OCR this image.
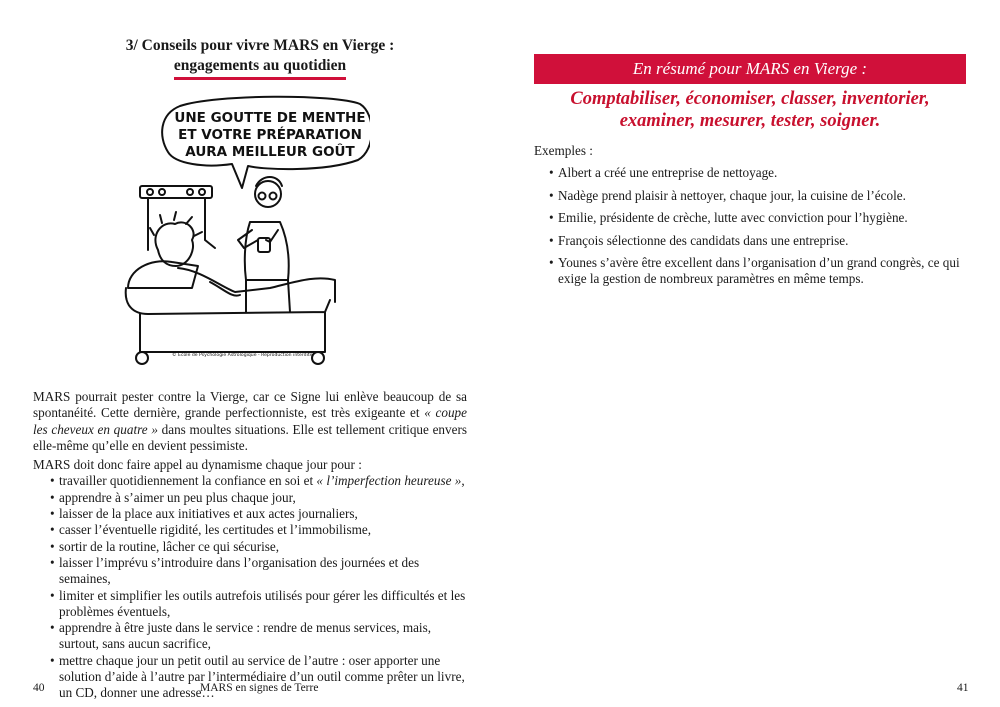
3/ Conseils pour vivre MARS en Vierge :
engagements au quotidien
UNE GOUTTE DE MENTHE
ET VOTRE PRÉPARATION
AURA MEILLEUR GOÛT
© École de Psychologie Astrologique - Reproduction interdite

MARS pourrait pester contre la Vierge, car ce Signe lui enlève beaucoup de sa spontanéité. Cette dernière, grande perfectionniste, est très exigeante et « coupe les cheveux en quatre » dans moultes situations. Elle est tellement critique envers elle-même qu’elle en devient pessimiste.

MARS doit donc faire appel au dynamisme chaque jour pour :

• travailler quotidiennement la confiance en soi et « l’imperfection heureuse »,
• apprendre à s’aimer un peu plus chaque jour,
• laisser de la place aux initiatives et aux actes journaliers,
• casser l’éventuelle rigidité, les certitudes et l’immobilisme,
• sortir de la routine, lâcher ce qui sécurise,
• laisser l’imprévu s’introduire dans l’organisation des journées et des semaines,
• limiter et simplifier les outils autrefois utilisés pour gérer les difficultés et les problèmes éventuels,
• apprendre à être juste dans le service : rendre de menus services, mais, surtout, sans aucun sacrifice,
• mettre chaque jour un petit outil au service de l’autre : oser apporter une solution d’aide à l’autre par l’intermédiaire d’un outil comme prêter un livre, un CD, donner une adresse…
40	MARS en signes de Terre
En résumé pour MARS en Vierge :
Comptabiliser, économiser, classer, inventorier,
examiner, mesurer, tester, soigner.
Exemples :
• Albert a créé une entreprise de nettoyage.
• Nadège prend plaisir à nettoyer, chaque jour, la cuisine de l’école.
• Emilie, présidente de crèche, lutte avec conviction pour l’hygiène.
• François sélectionne des candidats dans une entreprise.
• Younes s’avère être excellent dans l’organisation d’un grand congrès, ce qui exige la gestion de nombreux paramètres en même temps.
41
